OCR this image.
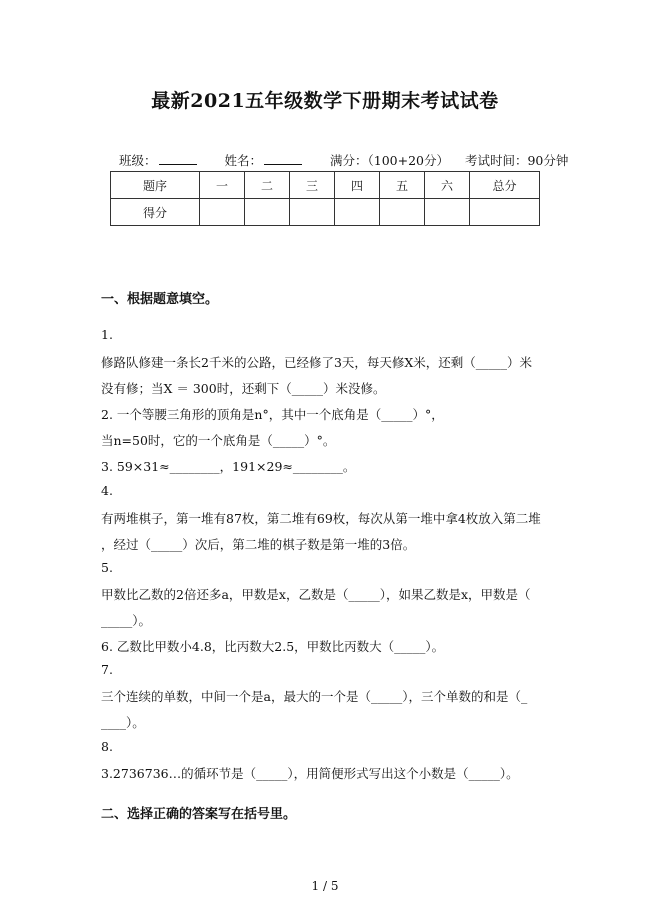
最新2021五年级数学下册期末考试试卷
班级：	姓名：	满分：（100+20分） 考试时间：90分钟
题序	一	二	三	四	五	六	总分
得分							
一、根据题意填空。
1.
修路队修建一条长2千米的公路，已经修了3天，每天修X米，还剩（_____）米
没有修；当X ＝ 300时，还剩下（_____）米没修。
2. 一个等腰三角形的顶角是n°，其中一个底角是（_____）°，
当n=50时，它的一个底角是（_____）°。
3. 59×31≈________，191×29≈________。
4.
有两堆棋子，第一堆有87枚，第二堆有69枚，每次从第一堆中拿4枚放入第二堆
，经过（_____）次后，第二堆的棋子数是第一堆的3倍。
5.
甲数比乙数的2倍还多a，甲数是x，乙数是（_____），如果乙数是x，甲数是（
_____）。
6. 乙数比甲数小4.8，比丙数大2.5，甲数比丙数大（_____）。
7.
三个连续的单数，中间一个是a，最大的一个是（_____），三个单数的和是（_
____）。
8.
3.2736736…的循环节是（_____），用简便形式写出这个小数是（_____）。
二、选择正确的答案写在括号里。
1 / 5
